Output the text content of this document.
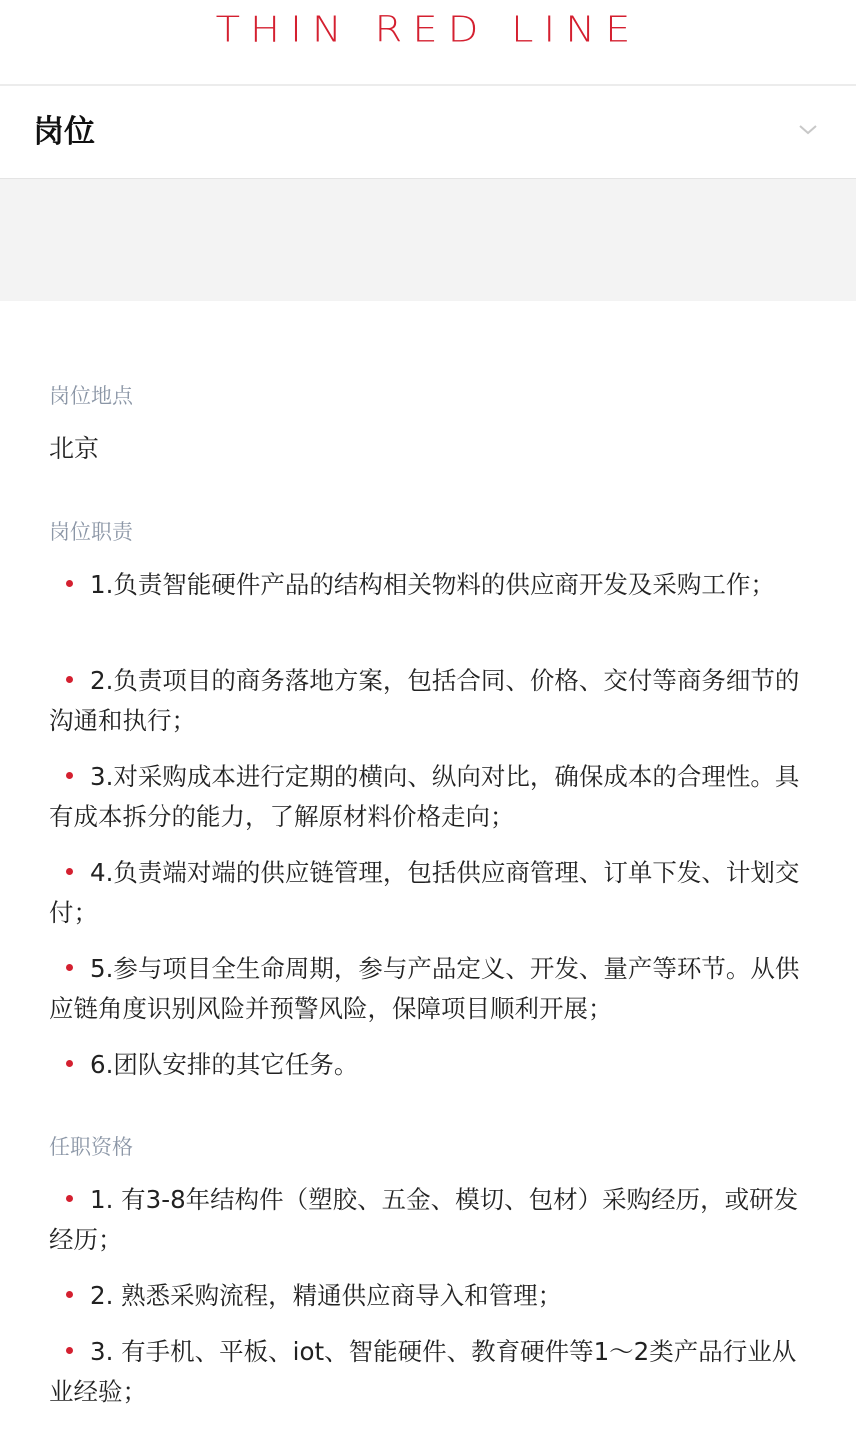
THIN RED LINE
岗位
岗位地点
北京
岗位职责
1.负责智能硬件产品的结构相关物料的供应商开发及采购工作；
2.负责项目的商务落地方案，包括合同、价格、交付等商务细节的沟通和执行；
3.对采购成本进行定期的横向、纵向对比，确保成本的合理性。具有成本拆分的能力，了解原材料价格走向；
4.负责端对端的供应链管理，包括供应商管理、订单下发、计划交付；
5.参与项目全生命周期，参与产品定义、开发、量产等环节。从供应链角度识别风险并预警风险，保障项目顺利开展；
6.团队安排的其它任务。
任职资格
1. 有3-8年结构件（塑胶、五金、模切、包材）采购经历，或研发经历；
2. 熟悉采购流程，精通供应商导入和管理；
3. 有手机、平板、iot、智能硬件、教育硬件等1～2类产品行业从业经验；
